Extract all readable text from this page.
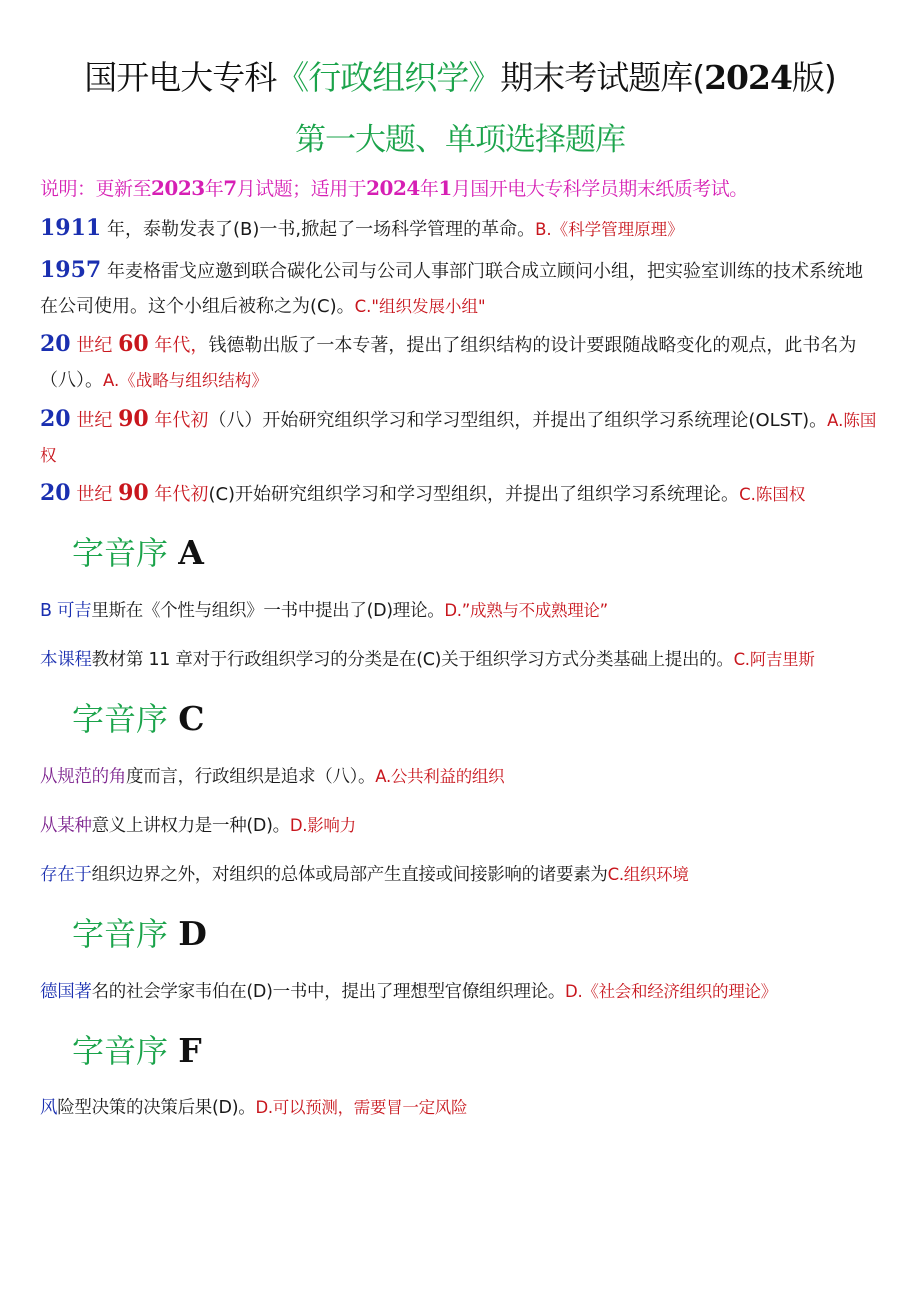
国开电大专科《行政组织学》期末考试题库(2024版)
第一大题、单项选择题库
说明：更新至2023年7月试题；适用于2024年1月国开电大专科学员期末纸质考试。
1911 年，泰勒发表了(B)一书,掀起了一场科学管理的革命。B.《科学管理原理》
1957 年麦格雷戈应邀到联合碳化公司与公司人事部门联合成立顾问小组，把实验室训练的技术系统地在公司使用。这个小组后被称之为(C)。C."组织发展小组"
20 世纪 60 年代，钱德勒出版了一本专著，提出了组织结构的设计要跟随战略变化的观点，此书名为（八）。A.《战略与组织结构》
20 世纪 90 年代初（八）开始研究组织学习和学习型组织，并提出了组织学习系统理论(OLST)。A.陈国权
20 世纪 90 年代初(C)开始研究组织学习和学习型组织，并提出了组织学习系统理论。C.陈国权
字音序 A
B 可吉里斯在《个性与组织》一书中提出了(D)理论。D.”成熟与不成熟理论”
本课程教材第 11 章对于行政组织学习的分类是在(C)关于组织学习方式分类基础上提出的。C.阿吉里斯
字音序 C
从规范的角度而言，行政组织是追求（八）。A.公共利益的组织
从某种意义上讲权力是一种(D)。D.影响力
存在于组织边界之外，对组织的总体或局部产生直接或间接影响的诸要素为C.组织环境
字音序 D
德国著名的社会学家韦伯在(D)一书中，提出了理想型官僚组织理论。D.《社会和经济组织的理论》
字音序 F
风险型决策的决策后果(D)。D.可以预测，需要冒一定风险
